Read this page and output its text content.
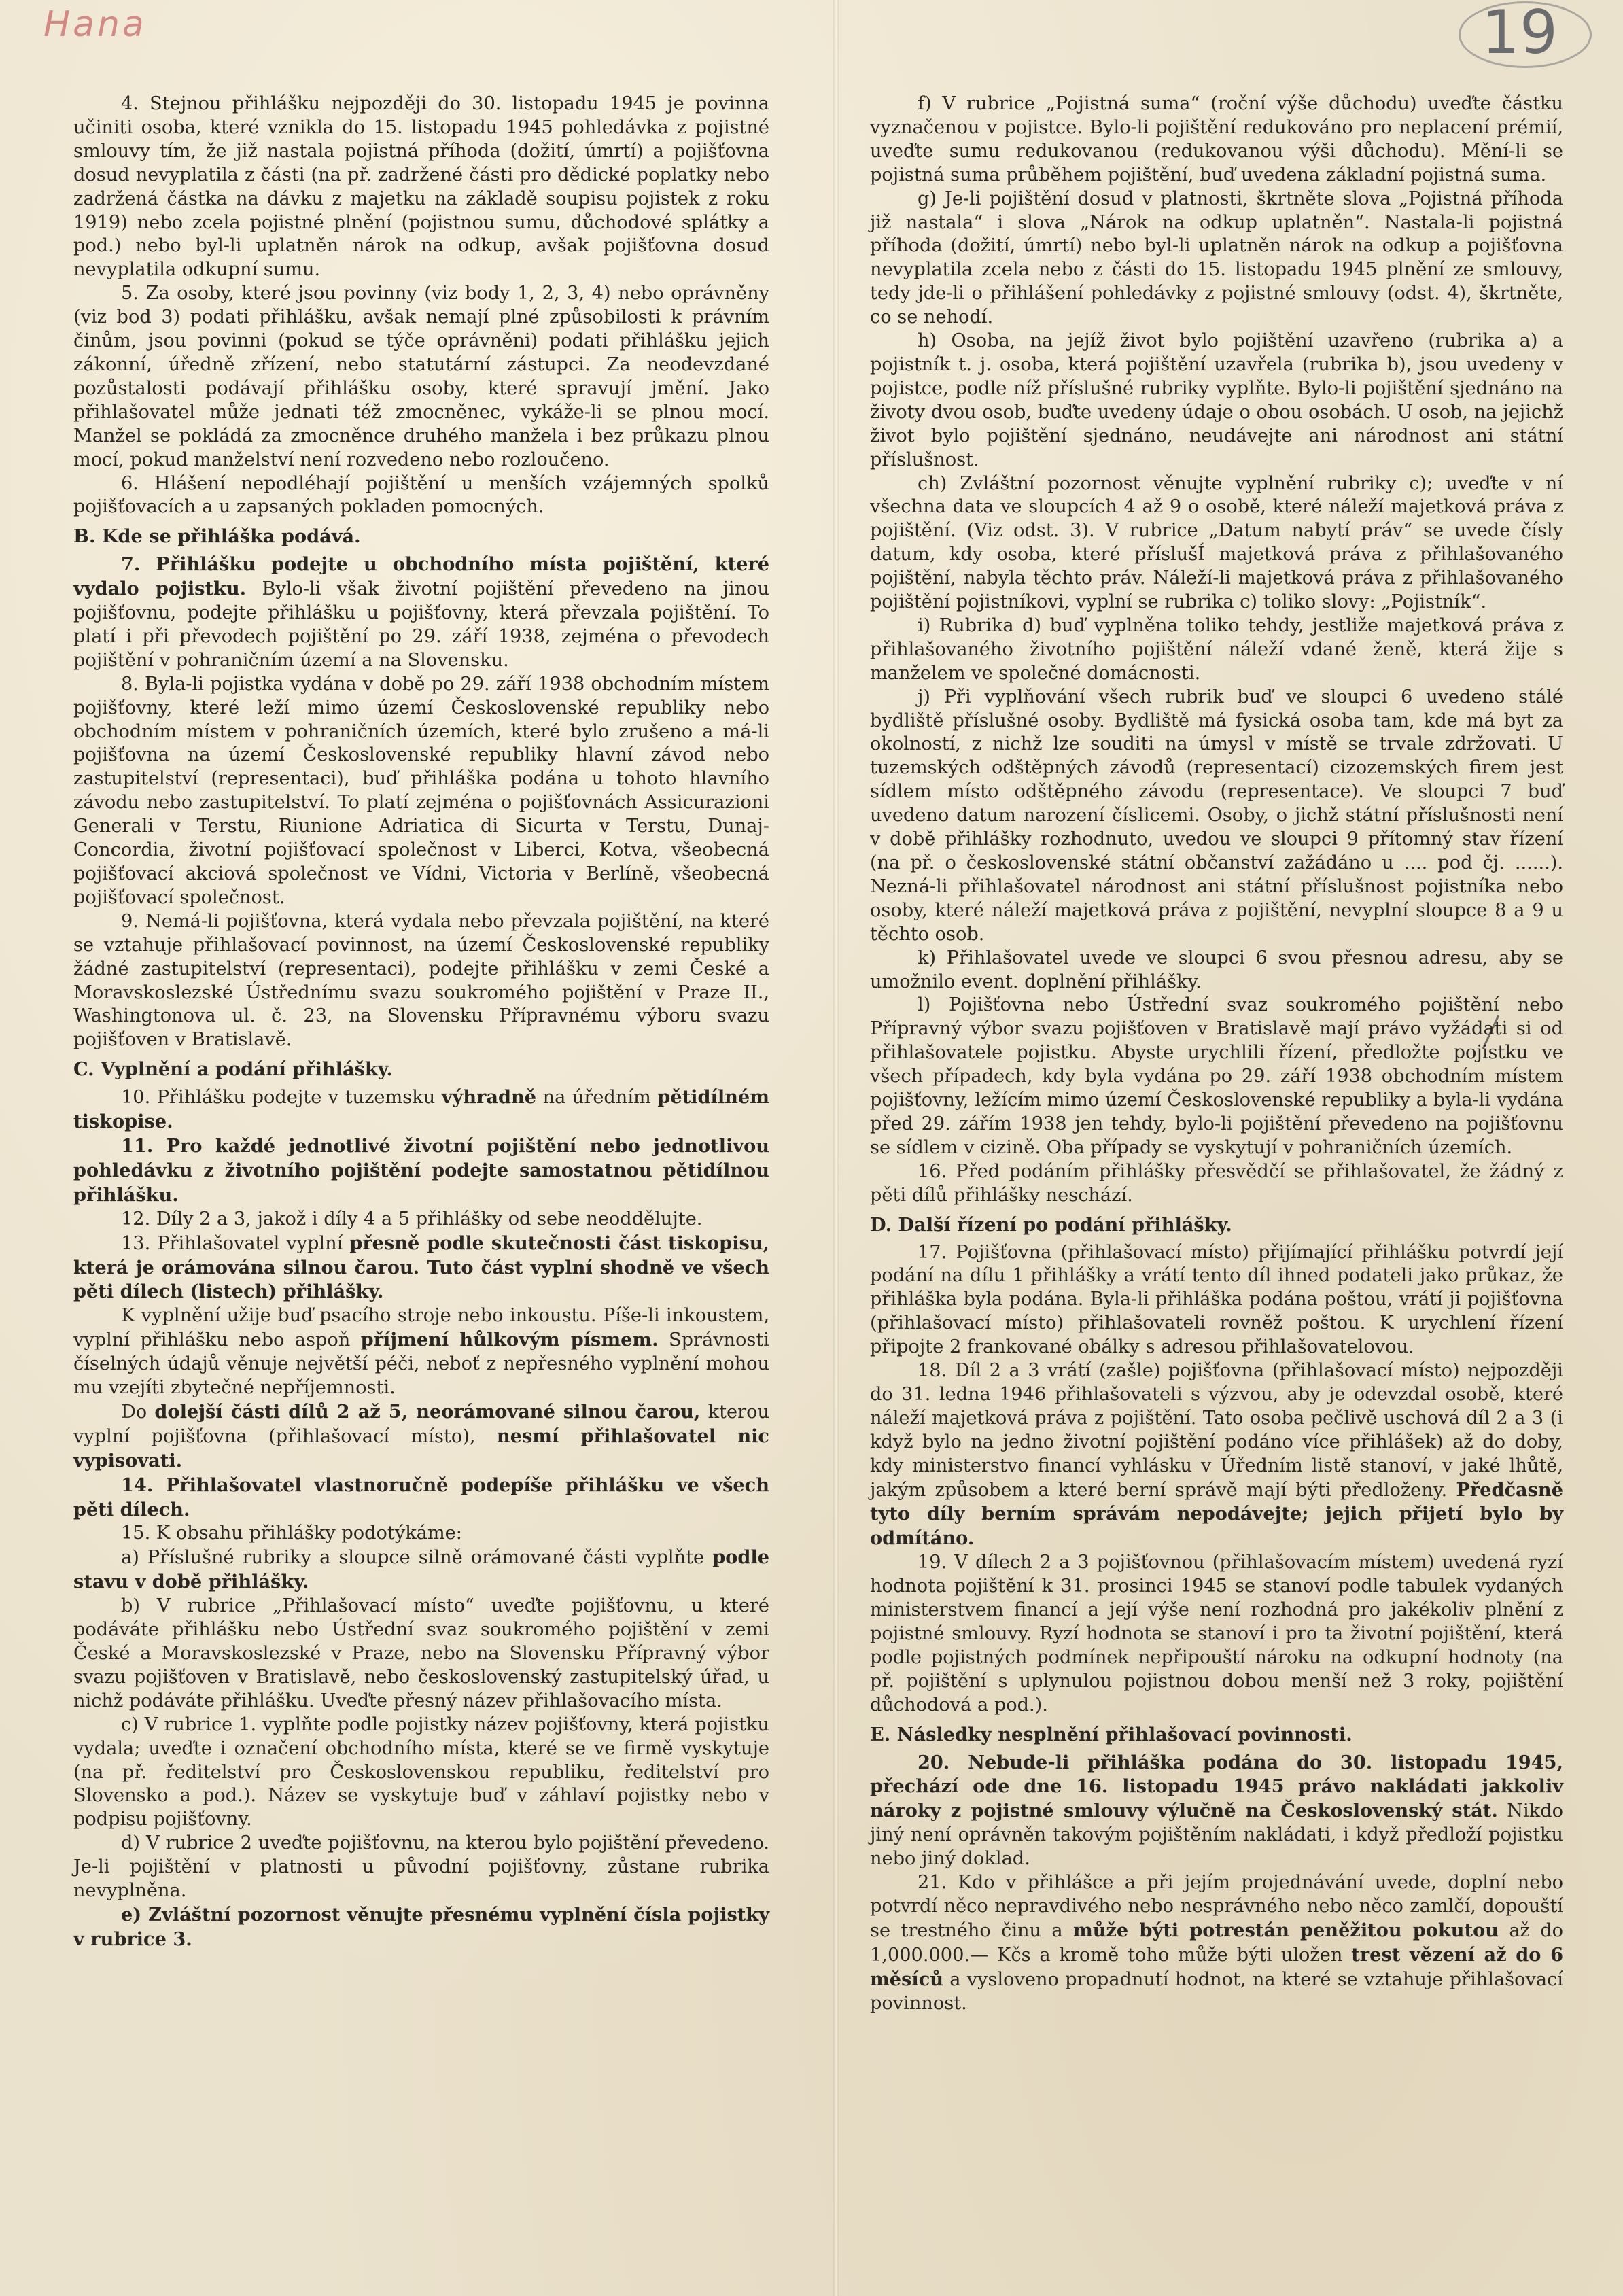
Hana	19

4. Stejnou přihlášku nejpozději do 30. listopadu 1945 je povinna učiniti osoba, které vznikla do 15. listopadu 1945 pohledávka z pojistné smlouvy tím, že již nastala pojistná příhoda (dožití, úmrtí) a pojišťovna dosud nevyplatila z části (na př. zadržené části pro dědické poplatky nebo zadržená částka na dávku z majetku na základě soupisu pojistek z roku 1919) nebo zcela pojistné plnění (pojistnou sumu, důchodové splátky a pod.) nebo byl-li uplatněn nárok na odkup, avšak pojišťovna dosud nevyplatila odkupní sumu.

5. Za osoby, které jsou povinny (viz body 1, 2, 3, 4) nebo oprávněny (viz bod 3) podati přihlášku, avšak nemají plné způsobilosti k právním činům, jsou povinni (pokud se týče oprávněni) podati přihlášku jejich zákonní, úředně zřízení, nebo statutární zástupci. Za neodevzdané pozůstalosti podávají přihlášku osoby, které spravují jmění. Jako přihlašovatel může jednati též zmocněnec, vykáže-li se plnou mocí. Manžel se pokládá za zmocněnce druhého manžela i bez průkazu plnou mocí, pokud manželství není rozvedeno nebo rozloučeno.

6. Hlášení nepodléhají pojištění u menších vzájemných spolků pojišťovacích a u zapsaných pokladen pomocných.

B. Kde se přihláška podává.

7. Přihlášku podejte u obchodního místa pojištění, které vydalo pojistku. Bylo-li však životní pojištění převedeno na jinou pojišťovnu, podejte přihlášku u pojišťovny, která převzala pojištění. To platí i při převodech pojištění po 29. září 1938, zejména o převodech pojištění v pohraničním území a na Slovensku.

8. Byla-li pojistka vydána v době po 29. září 1938 obchodním místem pojišťovny, které leží mimo území Československé republiky nebo obchodním místem v pohraničních územích, které bylo zrušeno a má-li pojišťovna na území Československé republiky hlavní závod nebo zastupitelství (representaci), buď přihláška podána u tohoto hlavního závodu nebo zastupitelství. To platí zejména o pojišťovnách Assicurazioni Generali v Terstu, Riunione Adriatica di Sicurta v Terstu, Dunaj-Concordia, životní pojišťovací společnost v Liberci, Kotva, všeobecná pojišťovací akciová společnost ve Vídni, Victoria v Berlíně, všeobecná pojišťovací společnost.

9. Nemá-li pojišťovna, která vydala nebo převzala pojištění, na které se vztahuje přihlašovací povinnost, na území Československé republiky žádné zastupitelství (representaci), podejte přihlášku v zemi České a Moravskoslezské Ústřednímu svazu soukromého pojištění v Praze II., Washingtonova ul. č. 23, na Slovensku Přípravnému výboru svazu pojišťoven v Bratislavě.

C. Vyplnění a podání přihlášky.

10. Přihlášku podejte v tuzemsku výhradně na úředním pětidílném tiskopise.

11. Pro každé jednotlivé životní pojištění nebo jednotlivou pohledávku z životního pojištění podejte samostatnou pětidílnou přihlášku.

12. Díly 2 a 3, jakož i díly 4 a 5 přihlášky od sebe neoddělujte.

13. Přihlašovatel vyplní přesně podle skutečnosti část tiskopisu, která je orámována silnou čarou. Tuto část vyplní shodně ve všech pěti dílech (listech) přihlášky.

K vyplnění užije buď psacího stroje nebo inkoustu. Píše-li inkoustem, vyplní přihlášku nebo aspoň příjmení hůlkovým písmem. Správnosti číselných údajů věnuje největší péči, neboť z nepřesného vyplnění mohou mu vzejíti zbytečné nepříjemnosti.

Do dolejší části dílů 2 až 5, neorámované silnou čarou, kterou vyplní pojišťovna (přihlašovací místo), nesmí přihlašovatel nic vypisovati.

14. Přihlašovatel vlastnoručně podepíše přihlášku ve všech pěti dílech.

15. K obsahu přihlášky podotýkáme:

a) Příslušné rubriky a sloupce silně orámované části vyplňte podle stavu v době přihlášky.

b) V rubrice „Přihlašovací místo“ uveďte pojišťovnu, u které podáváte přihlášku nebo Ústřední svaz soukromého pojištění v zemi České a Moravskoslezské v Praze, nebo na Slovensku Přípravný výbor svazu pojišťoven v Bratislavě, nebo československý zastupitelský úřad, u nichž podáváte přihlášku. Uveďte přesný název přihlašovacího místa.

c) V rubrice 1. vyplňte podle pojistky název pojišťovny, která pojistku vydala; uveďte i označení obchodního místa, které se ve firmě vyskytuje (na př. ředitelství pro Československou republiku, ředitelství pro Slovensko a pod.). Název se vyskytuje buď v záhlaví pojistky nebo v podpisu pojišťovny.

d) V rubrice 2 uveďte pojišťovnu, na kterou bylo pojištění převedeno. Je-li pojištění v platnosti u původní pojišťovny, zůstane rubrika nevyplněna.

e) Zvláštní pozornost věnujte přesnému vyplnění čísla pojistky v rubrice 3.

f) V rubrice „Pojistná suma“ (roční výše důchodu) uveďte částku vyznačenou v pojistce. Bylo-li pojištění redukováno pro neplacení prémií, uveďte sumu redukovanou (redukovanou výši důchodu). Mění-li se pojistná suma průběhem pojištění, buď uvedena základní pojistná suma.

g) Je-li pojištění dosud v platnosti, škrtněte slova „Pojistná příhoda již nastala“ i slova „Nárok na odkup uplatněn“. Nastala-li pojistná příhoda (dožití, úmrtí) nebo byl-li uplatněn nárok na odkup a pojišťovna nevyplatila zcela nebo z části do 15. listopadu 1945 plnění ze smlouvy, tedy jde-li o přihlášení pohledávky z pojistné smlouvy (odst. 4), škrtněte, co se nehodí.

h) Osoba, na jejíž život bylo pojištění uzavřeno (rubrika a) a pojistník t. j. osoba, která pojištění uzavřela (rubrika b), jsou uvedeny v pojistce, podle níž příslušné rubriky vyplňte. Bylo-li pojištění sjednáno na životy dvou osob, buďte uvedeny údaje o obou osobách. U osob, na jejichž život bylo pojištění sjednáno, neudávejte ani národnost ani státní příslušnost.

ch) Zvláštní pozornost věnujte vyplnění rubriky c); uveďte v ní všechna data ve sloupcích 4 až 9 o osobě, které náleží majetková práva z pojištění. (Viz odst. 3). V rubrice „Datum nabytí práv“ se uvede čísly datum, kdy osoba, které příslušÍ majetková práva z přihlašovaného pojištění, nabyla těchto práv. Náleží-li majetková práva z přihlašovaného pojištění pojistníkovi, vyplní se rubrika c) toliko slovy: „Pojistník“.

i) Rubrika d) buď vyplněna toliko tehdy, jestliže majetková práva z přihlašovaného životního pojištění náleží vdané ženě, která žije s manželem ve společné domácnosti.

j) Při vyplňování všech rubrik buď ve sloupci 6 uvedeno stálé bydliště příslušné osoby. Bydliště má fysická osoba tam, kde má byt za okolností, z nichž lze souditi na úmysl v místě se trvale zdržovati. U tuzemských odštěpných závodů (representací) cizozemských firem jest sídlem místo odštěpného závodu (representace). Ve sloupci 7 buď uvedeno datum narození číslicemi. Osoby, o jichž státní příslušnosti není v době přihlášky rozhodnuto, uvedou ve sloupci 9 přítomný stav řízení (na př. o československé státní občanství zažádáno u .... pod čj. ......). Nezná-li přihlašovatel národnost ani státní příslušnost pojistníka nebo osoby, které náleží majetková práva z pojištění, nevyplní sloupce 8 a 9 u těchto osob.

k) Přihlašovatel uvede ve sloupci 6 svou přesnou adresu, aby se umožnilo event. doplnění přihlášky.

l) Pojišťovna nebo Ústřední svaz soukromého pojištění nebo Přípravný výbor svazu pojišťoven v Bratislavě mají právo vyžádati si od přihlašovatele pojistku. Abyste urychlili řízení, předložte pojistku ve všech případech, kdy byla vydána po 29. září 1938 obchodním místem pojišťovny, ležícím mimo území Československé republiky a byla-li vydána před 29. zářím 1938 jen tehdy, bylo-li pojištění převedeno na pojišťovnu se sídlem v cizině. Oba případy se vyskytují v pohraničních územích.

16. Před podáním přihlášky přesvědčí se přihlašovatel, že žádný z pěti dílů přihlášky neschází.

D. Další řízení po podání přihlášky.

17. Pojišťovna (přihlašovací místo) přijímající přihlášku potvrdí její podání na dílu 1 přihlášky a vrátí tento díl ihned podateli jako průkaz, že přihláška byla podána. Byla-li přihláška podána poštou, vrátí ji pojišťovna (přihlašovací místo) přihlašovateli rovněž poštou. K urychlení řízení připojte 2 frankované obálky s adresou přihlašovatelovou.

18. Díl 2 a 3 vrátí (zašle) pojišťovna (přihlašovací místo) nejpozději do 31. ledna 1946 přihlašovateli s výzvou, aby je odevzdal osobě, které náleží majetková práva z pojištění. Tato osoba pečlivě uschová díl 2 a 3 (i když bylo na jedno životní pojištění podáno více přihlášek) až do doby, kdy ministerstvo financí vyhlásku v Úředním listě stanoví, v jaké lhůtě, jakým způsobem a které berní správě mají býti předloženy. Předčasně tyto díly berním správám nepodávejte; jejich přijetí bylo by odmítáno.

19. V dílech 2 a 3 pojišťovnou (přihlašovacím místem) uvedená ryzí hodnota pojištění k 31. prosinci 1945 se stanoví podle tabulek vydaných ministerstvem financí a její výše není rozhodná pro jakékoliv plnění z pojistné smlouvy. Ryzí hodnota se stanoví i pro ta životní pojištění, která podle pojistných podmínek nepřipouští nároku na odkupní hodnoty (na př. pojištění s uplynulou pojistnou dobou menší než 3 roky, pojištění důchodová a pod.).

E. Následky nesplnění přihlašovací povinnosti.

20. Nebude-li přihláška podána do 30. listopadu 1945, přechází ode dne 16. listopadu 1945 právo nakládati jakkoliv nároky z pojistné smlouvy výlučně na Československý stát. Nikdo jiný není oprávněn takovým pojištěním nakládati, i když předloží pojistku nebo jiný doklad.

21. Kdo v přihlášce a při jejím projednávání uvede, doplní nebo potvrdí něco nepravdivého nebo nesprávného nebo něco zamlčí, dopouští se trestného činu a může býti potrestán peněžitou pokutou až do 1,000.000.— Kčs a kromě toho může býti uložen trest vězení až do 6 měsíců a vysloveno propadnutí hodnot, na které se vztahuje přihlašovací povinnost.
